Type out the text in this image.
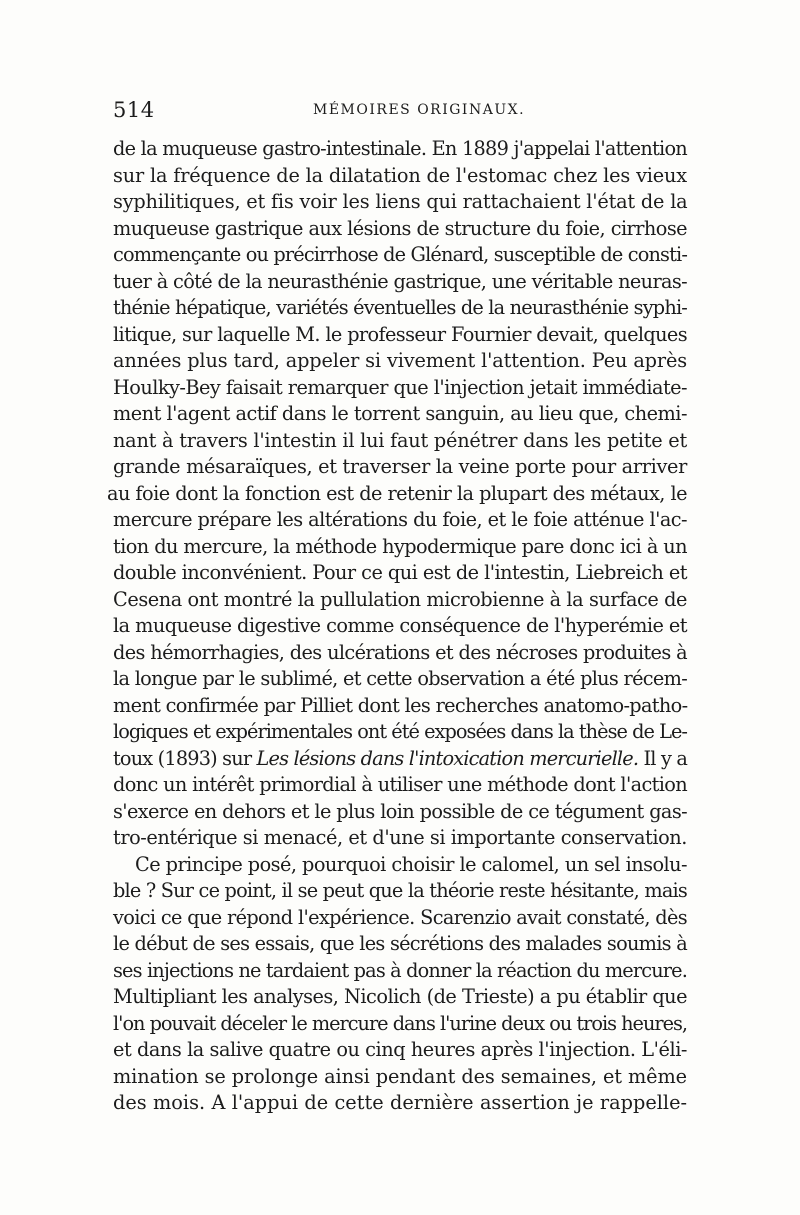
514	MÉMOIRES ORIGINAUX.
de la muqueuse gastro-intestinale. En 1889 j'appelai l'attention
sur la fréquence de la dilatation de l'estomac chez les vieux
syphilitiques, et fis voir les liens qui rattachaient l'état de la
muqueuse gastrique aux lésions de structure du foie, cirrhose
commençante ou précirrhose de Glénard, susceptible de consti-
tuer à côté de la neurasthénie gastrique, une véritable neuras-
thénie hépatique, variétés éventuelles de la neurasthénie syphi-
litique, sur laquelle M. le professeur Fournier devait, quelques
années plus tard, appeler si vivement l'attention. Peu après
Houlky-Bey faisait remarquer que l'injection jetait immédiate-
ment l'agent actif dans le torrent sanguin, au lieu que, chemi-
nant à travers l'intestin il lui faut pénétrer dans les petite et
grande mésaraïques, et traverser la veine porte pour arriver
au foie dont la fonction est de retenir la plupart des métaux, le
mercure prépare les altérations du foie, et le foie atténue l'ac-
tion du mercure, la méthode hypodermique pare donc ici à un
double inconvénient. Pour ce qui est de l'intestin, Liebreich et
Cesena ont montré la pullulation microbienne à la surface de
la muqueuse digestive comme conséquence de l'hyperémie et
des hémorrhagies, des ulcérations et des nécroses produites à
la longue par le sublimé, et cette observation a été plus récem-
ment confirmée par Pilliet dont les recherches anatomo-patho-
logiques et expérimentales ont été exposées dans la thèse de Le-
toux (1893) sur Les lésions dans l'intoxication mercurielle. Il y a
donc un intérêt primordial à utiliser une méthode dont l'action
s'exerce en dehors et le plus loin possible de ce tégument gas-
tro-entérique si menacé, et d'une si importante conservation.
Ce principe posé, pourquoi choisir le calomel, un sel insolu-
ble ? Sur ce point, il se peut que la théorie reste hésitante, mais
voici ce que répond l'expérience. Scarenzio avait constaté, dès
le début de ses essais, que les sécrétions des malades soumis à
ses injections ne tardaient pas à donner la réaction du mercure.
Multipliant les analyses, Nicolich (de Trieste) a pu établir que
l'on pouvait déceler le mercure dans l'urine deux ou trois heures,
et dans la salive quatre ou cinq heures après l'injection. L'éli-
mination se prolonge ainsi pendant des semaines, et même
des mois. A l'appui de cette dernière assertion je rappelle-
